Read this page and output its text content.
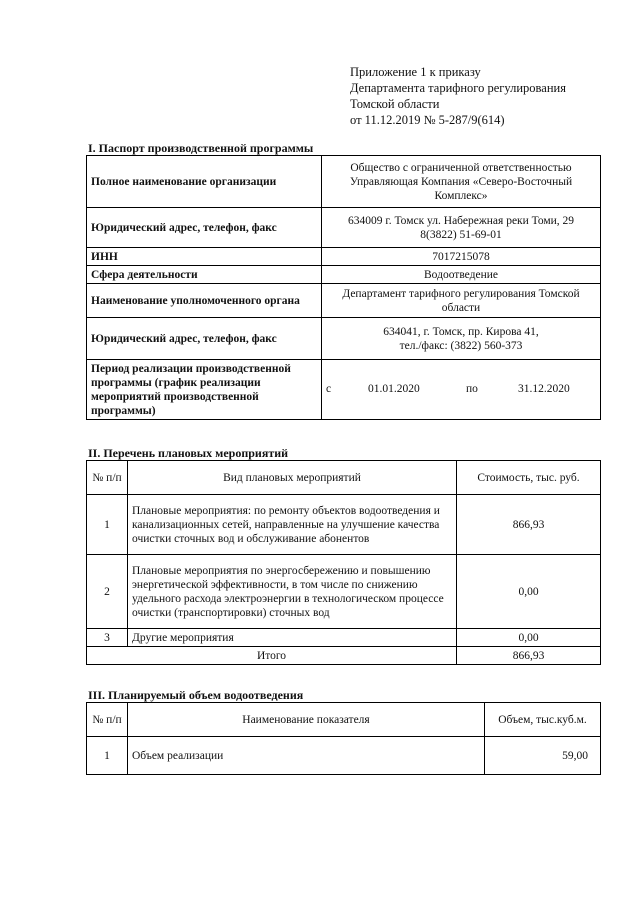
Приложение 1 к приказу
Департамента тарифного регулирования
Томской области
от 11.12.2019 № 5-287/9(614)
I. Паспорт производственной программы
Полное наименование организации	Общество с ограниченной ответственностью Управляющая Компания «Северо-Восточный Комплекс»
Юридический адрес, телефон, факс	634009 г. Томск ул. Набережная реки Томи, 29
8(3822) 51-69-01

ИНН	7017215078
Сфера деятельности	Водоотведение
Наименование уполномоченного органа	Департамент тарифного регулирования Томской области
Юридический адрес, телефон, факс	634041, г. Томск, пр. Кирова 41,
тел./факс: (3822) 560-373

Период реализации производственной программы (график реализации мероприятий производственной программы)	с 01.01.2020 по 31.12.2020
II. Перечень плановых мероприятий
№ п/п	Вид плановых мероприятий	Стоимость, тыс. руб.
1	Плановые мероприятия: по ремонту объектов водоотведения и канализационных сетей, направленные на улучшение качества очистки сточных вод и обслуживание абонентов	866,93
2	Плановые мероприятия по энергосбережению и повышению энергетической эффективности, в том числе по снижению удельного расхода электроэнергии в технологическом процессе очистки (транспортировки) сточных вод	0,00
3	Другие мероприятия	0,00
Итого		866,93
III. Планируемый объем водоотведения
№ п/п	Наименование показателя	Объем, тыс.куб.м.
1	Объем реализации	59,00
